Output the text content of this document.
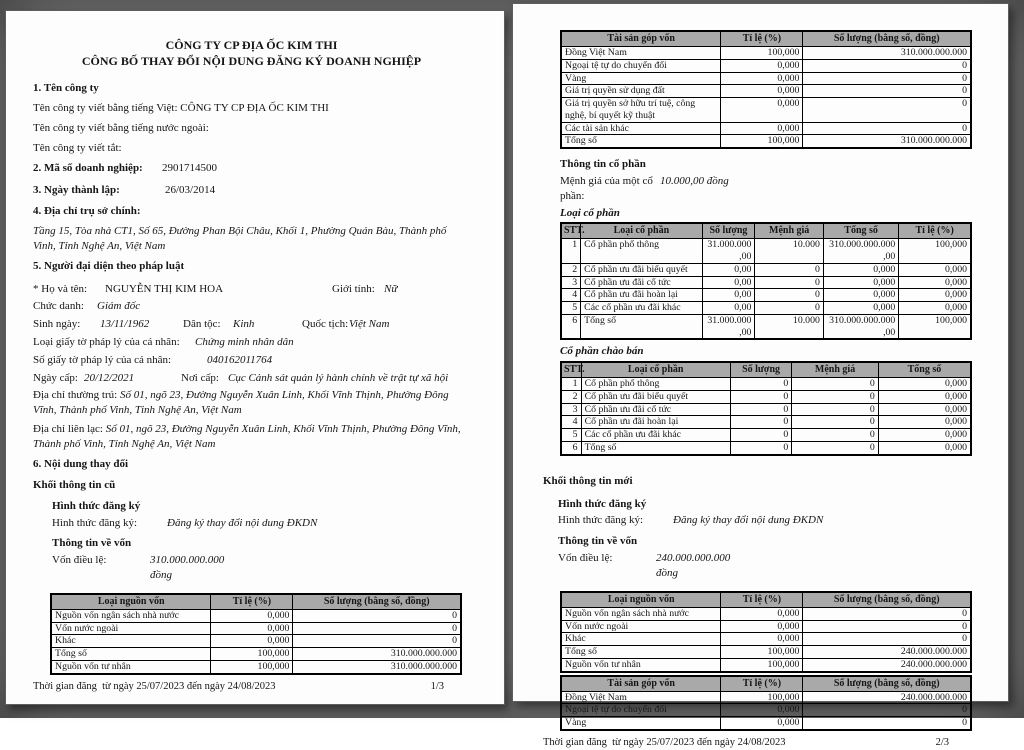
CÔNG TY CP ĐỊA ỐC KIM THI
CÔNG BỐ THAY ĐỔI NỘI DUNG ĐĂNG KÝ DOANH NGHIỆP
1. Tên công ty
Tên công ty viết bằng tiếng Việt: CÔNG TY CP ĐỊA ỐC KIM THI
Tên công ty viết bằng tiếng nước ngoài:
Tên công ty viết tắt:
2. Mã số doanh nghiệp:	2901714500
3. Ngày thành lập:	26/03/2014
4. Địa chỉ trụ sở chính:
Tầng 15, Tòa nhà CT1, Số 65, Đường Phan Bội Châu, Khối 1, Phường Quán Bàu, Thành phố Vinh, Tỉnh Nghệ An, Việt Nam
5. Người đại diện theo pháp luật
* Họ và tên:	NGUYỄN THỊ KIM HOA	Giới tính: Nữ
Chức danh:	Giám đốc
Sinh ngày:	13/11/1962	Dân tộc:	Kinh	Quốc tịch: Việt Nam
Loại giấy tờ pháp lý của cá nhân:	Chứng minh nhân dân
Số giấy tờ pháp lý của cá nhân:	040162011764
Ngày cấp: 20/12/2021	Nơi cấp: Cục Cảnh sát quản lý hành chính về trật tự xã hội
Địa chỉ thường trú: Số 01, ngõ 23, Đường Nguyễn Xuân Linh, Khối Vĩnh Thịnh, Phường Đông Vĩnh, Thành phố Vinh, Tỉnh Nghệ An, Việt Nam
Địa chỉ liên lạc: Số 01, ngõ 23, Đường Nguyễn Xuân Linh, Khối Vĩnh Thịnh, Phường Đông Vĩnh, Thành phố Vinh, Tỉnh Nghệ An, Việt Nam
6. Nội dung thay đổi
Khối thông tin cũ
Hình thức đăng ký
Hình thức đăng ký:	Đăng ký thay đổi nội dung ĐKDN
Thông tin về vốn
Vốn điều lệ:	310.000.000.000
đồng
Loại nguồn vốn	Tỉ lệ (%)	Số lượng (bằng số, đồng)
Nguồn vốn ngân sách nhà nước	0,000	0
Vốn nước ngoài	0,000	0
Khác	0,000	0
Tổng số	100,000	310.000.000.000
Nguồn vốn tư nhân	100,000	310.000.000.000
Thời gian đăng  từ ngày 25/07/2023 đến ngày 24/08/2023	1/3
Tài sản góp vốn	Tỉ lệ (%)	Số lượng (bằng số, đồng)
Đồng Việt Nam	100,000	310.000.000.000
Ngoại tệ tự do chuyển đổi	0,000	0
Vàng	0,000	0
Giá trị quyền sử dụng đất	0,000	0
Giá trị quyền sở hữu trí tuệ, công nghệ, bí quyết kỹ thuật	0,000	0
Các tài sản khác	0,000	0
Tổng số	100,000	310.000.000.000
Thông tin cổ phần
Mệnh giá của một cổ phần:
10.000,00 đồng
Loại cổ phần
STT.	Loại cổ phần	Số lượng	Mệnh giá	Tổng số	Tỉ lệ (%)
1	Cổ phần phổ thông	31.000.000,00	10.000	310.000.000.000,00	100,000
2	Cổ phần ưu đãi biểu quyết	0,00	0	0,000	0,000
3	Cổ phần ưu đãi cổ tức	0,00	0	0,000	0,000
4	Cổ phần ưu đãi hoàn lại	0,00	0	0,000	0,000
5	Các cổ phần ưu đãi khác	0,00	0	0,000	0,000
6	Tổng số	31.000.000,00	10.000	310.000.000.000,00	100,000
Cổ phần chào bán
STT.	Loại cổ phần	Số lượng	Mệnh giá	Tổng số
1	Cổ phần phổ thông	0	0	0,000
2	Cổ phần ưu đãi biểu quyết	0	0	0,000
3	Cổ phần ưu đãi cổ tức	0	0	0,000
4	Cổ phần ưu đãi hoàn lại	0	0	0,000
5	Các cổ phần ưu đãi khác	0	0	0,000
6	Tổng số	0	0	0,000
Khối thông tin mới
Hình thức đăng ký
Hình thức đăng ký:	Đăng ký thay đổi nội dung ĐKDN
Thông tin về vốn
Vốn điều lệ:	240.000.000.000
đồng
Loại nguồn vốn	Tỉ lệ (%)	Số lượng (bằng số, đồng)
Nguồn vốn ngân sách nhà nước	0,000	0
Vốn nước ngoài	0,000	0
Khác	0,000	0
Tổng số	100,000	240.000.000.000
Nguồn vốn tư nhân	100,000	240.000.000.000
Tài sản góp vốn	Tỉ lệ (%)	Số lượng (bằng số, đồng)
Đồng Việt Nam	100,000	240.000.000.000
Ngoại tệ tự do chuyển đổi	0,000	0
Vàng	0,000	0
Thời gian đăng  từ ngày 25/07/2023 đến ngày 24/08/2023	2/3
